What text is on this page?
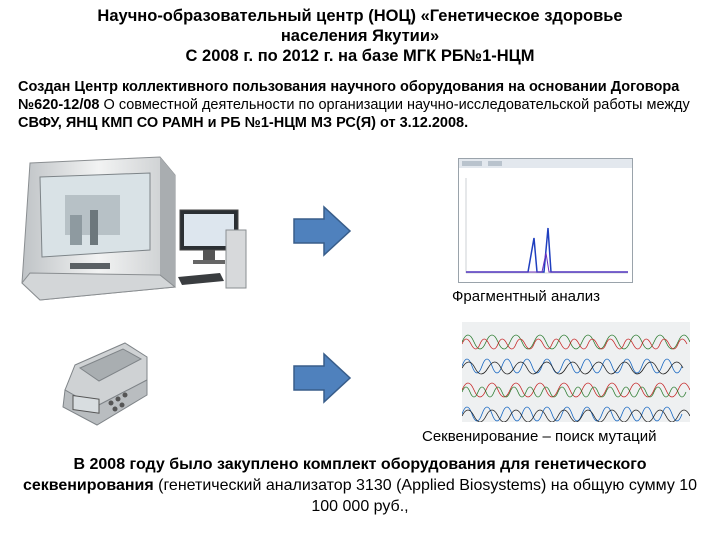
Научно-образовательный центр (НОЦ) «Генетическое здоровье
населения Якутии»
С 2008 г. по 2012 г. на базе МГК РБ№1-НЦМ
Создан Центр коллективного пользования научного оборудования на основании Договора №620-12/08 О совместной деятельности по организации научно-исследовательской работы между СВФУ, ЯНЦ КМП СО РАМН и РБ №1-НЦМ МЗ РС(Я) от 3.12.2008.
Фрагментный анализ
Секвенирование – поиск мутаций
В 2008 году было закуплено комплект оборудования для генетического секвенирования (генетический анализатор 3130 (Applied Biosystems) на общую сумму 10 100 000 руб.,
